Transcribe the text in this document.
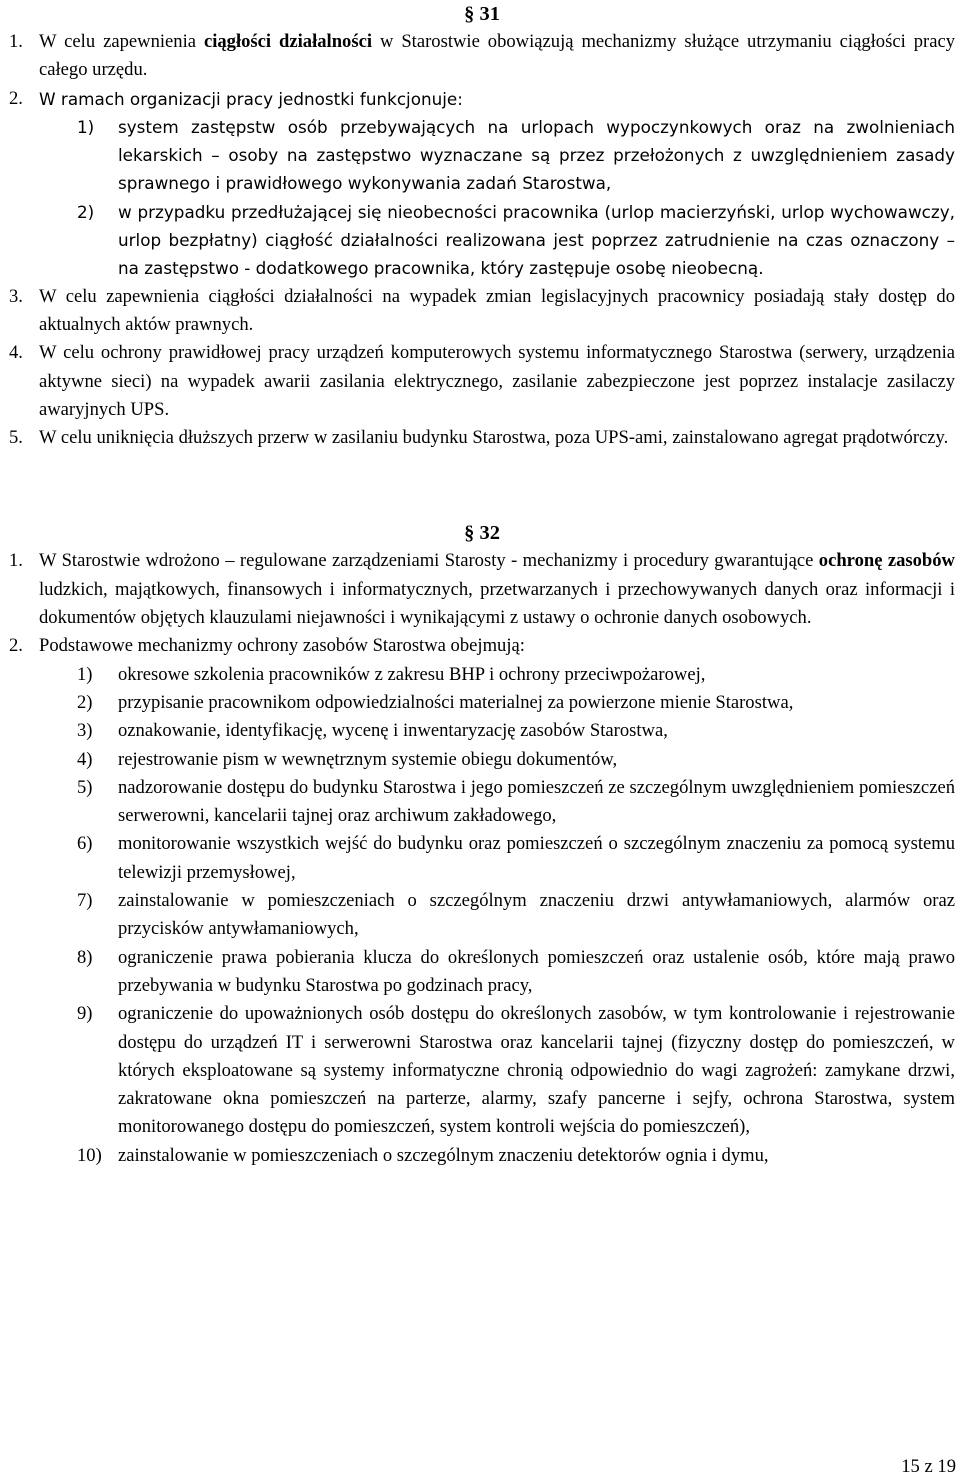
§ 31
1. W celu zapewnienia ciągłości działalności w Starostwie obowiązują mechanizmy służące utrzymaniu ciągłości pracy całego urzędu.
2. W ramach organizacji pracy jednostki funkcjonuje:
1)	system zastępstw osób przebywających na urlopach wypoczynkowych oraz na zwolnieniach lekarskich – osoby na zastępstwo wyznaczane są przez przełożonych z uwzględnieniem zasady sprawnego i prawidłowego wykonywania zadań Starostwa,
2)	w przypadku przedłużającej się nieobecności pracownika (urlop macierzyński, urlop wychowawczy, urlop bezpłatny) ciągłość działalności realizowana jest poprzez zatrudnienie na czas oznaczony – na zastępstwo - dodatkowego pracownika, który zastępuje osobę nieobecną.
3. W celu zapewnienia ciągłości działalności na wypadek zmian legislacyjnych pracownicy posiadają stały dostęp do aktualnych aktów prawnych.
4. W celu ochrony prawidłowej pracy urządzeń komputerowych systemu informatycznego Starostwa (serwery, urządzenia aktywne sieci) na wypadek awarii zasilania elektrycznego, zasilanie zabezpieczone jest poprzez instalacje zasilaczy awaryjnych UPS.
5. W celu uniknięcia dłuższych przerw w zasilaniu budynku Starostwa, poza UPS-ami, zainstalowano agregat prądotwórczy.
§ 32
1. W Starostwie wdrożono – regulowane zarządzeniami Starosty - mechanizmy i procedury gwarantujące ochronę zasobów ludzkich, majątkowych, finansowych i informatycznych, przetwarzanych i przechowywanych danych oraz informacji i dokumentów objętych klauzulami niejawności i wynikającymi z ustawy o ochronie danych osobowych.
2. Podstawowe mechanizmy ochrony zasobów Starostwa obejmują:
1)	okresowe szkolenia pracowników z zakresu BHP i ochrony przeciwpożarowej,
2)	przypisanie pracownikom odpowiedzialności materialnej za powierzone mienie Starostwa,
3)	oznakowanie, identyfikację, wycenę i inwentaryzację zasobów Starostwa,
4)	rejestrowanie pism w wewnętrznym systemie obiegu dokumentów,
5)	nadzorowanie dostępu do budynku Starostwa i jego pomieszczeń ze szczególnym uwzględnieniem pomieszczeń serwerowni, kancelarii tajnej oraz archiwum zakładowego,
6)	monitorowanie wszystkich wejść do budynku oraz pomieszczeń o szczególnym znaczeniu za pomocą systemu telewizji przemysłowej,
7)	zainstalowanie w pomieszczeniach o szczególnym znaczeniu drzwi antywłamaniowych, alarmów oraz przycisków antywłamaniowych,
8)	ograniczenie prawa pobierania klucza do określonych pomieszczeń oraz ustalenie osób, które mają prawo przebywania w budynku Starostwa po godzinach pracy,
9)	ograniczenie do upoważnionych osób dostępu do określonych zasobów, w tym kontrolowanie i rejestrowanie dostępu do urządzeń IT i serwerowni Starostwa oraz kancelarii tajnej (fizyczny dostęp do pomieszczeń, w których eksploatowane są systemy informatyczne chronią odpowiednio do wagi zagrożeń: zamykane drzwi, zakratowane okna pomieszczeń na parterze, alarmy, szafy pancerne i sejfy, ochrona Starostwa, system monitorowanego dostępu do pomieszczeń, system kontroli wejścia do pomieszczeń),
10) zainstalowanie w pomieszczeniach o szczególnym znaczeniu detektorów ognia i dymu,
15 z 19
